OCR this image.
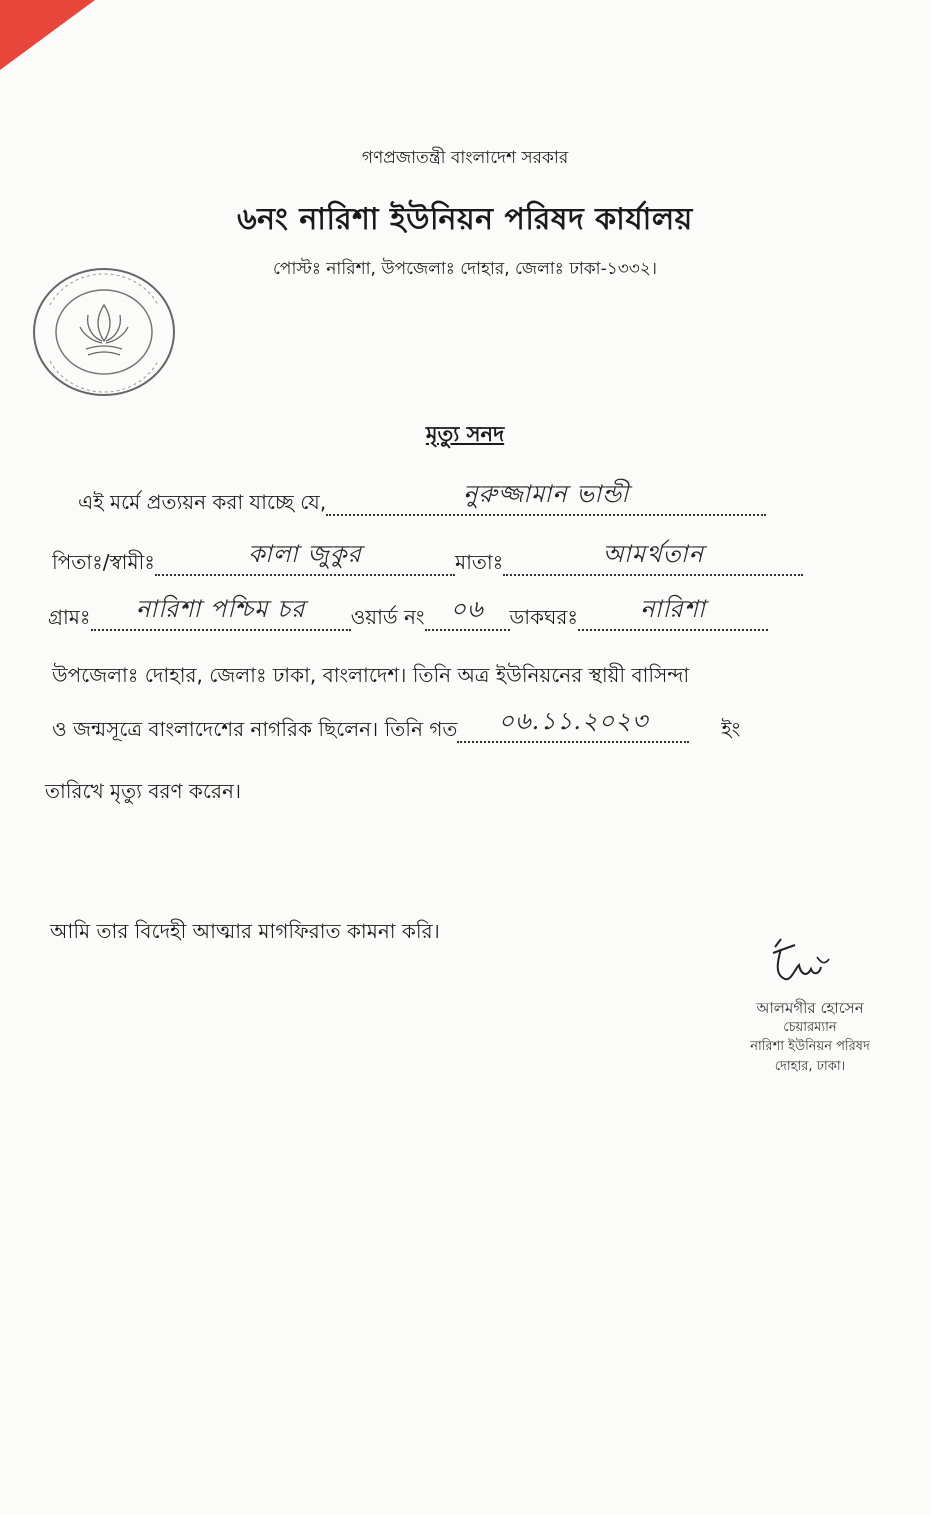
গণপ্রজাতন্ত্রী বাংলাদেশ সরকার
৬নং নারিশা ইউনিয়ন পরিষদ কার্যালয়
পোস্টঃ নারিশা, উপজেলাঃ দোহার, জেলাঃ ঢাকা-১৩৩২।
মৃত্যু সনদ
এই মর্মে প্রত্যয়ন করা যাচ্ছে যে,	নুরুজ্জামান ভান্ডী
পিতাঃ/স্বামীঃ	কালা জুকুর	মাতাঃ	আমর্থতান
গ্রামঃ	নারিশা পশ্চিম চর	ওয়ার্ড নং	০৬	ডাকঘরঃ	নারিশা
উপজেলাঃ দোহার, জেলাঃ ঢাকা, বাংলাদেশ। তিনি অত্র ইউনিয়নের স্থায়ী বাসিন্দা
ও জন্মসূত্রে বাংলাদেশের নাগরিক ছিলেন। তিনি গত	০৬.১১.২০২৩	ইং
তারিখে মৃত্যু বরণ করেন।
আমি তার বিদেহী আত্মার মাগফিরাত কামনা করি।
আলমগীর হোসেন
চেয়ারম্যান
নারিশা ইউনিয়ন পরিষদ
দোহার, ঢাকা।
